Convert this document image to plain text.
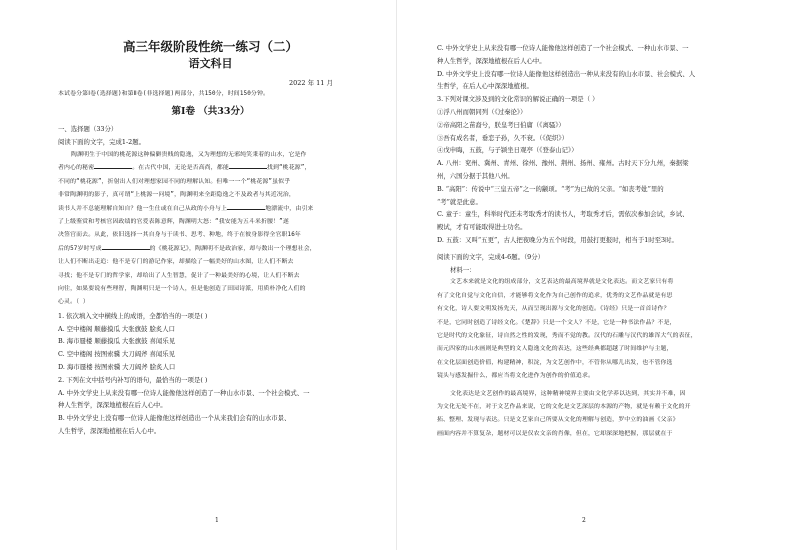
高三年级阶段性统一练习（二）

语文科目

2022 年 11 月

本试卷分第Ⅰ卷(选择题)和第Ⅱ卷(非选择题)两部分，共150分，时间150分钟。

第Ⅰ卷 （共33分）

一、选择题（33分）

阅读下面的文字，完成1-2题。

陶渊明生于中国的桃花源这种偏僻贵贱的隐逸，又为理想的无邪纯笑秉着的山水，它是作

者内心的秘密	。在古代中国，无论是否高尚，都能	找到“桃花源”，

不同的“桃花源”，折射出人们对理想家园不同的理解认知。但唯一一个“桃花源”虽似乎

非常陶渊明的影子，真可谓“上桃源一问境”，陶渊明来全距隐逸之不及政者与其近况治，

读书人并不总能理解自知自？他一生仕或在自己从政的小舟与上	地漂流中，由引来

了上级鉴赏和考核官因政绩的官爱表陈意辉，陶渊明大怒：“我安能为五斗米折腰！”遂

决签官而去。从此，依旧选择一其自身与于读书、思考、种地，终于在彼身影得全官职16年

后的57岁时写成	的《桃花源记》，陶渊明不是政治家，却与数出一个理想社会，

让人们不断出走追：他不是专门的游记作家，却描绘了一幅美好的山水图，让人们不断去

寻找；他不是专门的哲学家，却给出了人生智慧，促计了一种最美好的心境，让人们不断去

向往，如果要说有些理智，陶渊明只是一个诗人，但是他创造了田园诗派，用质朴净化人们的

心灵。（ ）

1. 依次填入文中横线上的成语，全都恰当的一项是( )

A. 空中楼阁 顺藤摸瓜 大张旗鼓 脍炙人口

B. 海市蜃楼 顺藤摸瓜 大张旗鼓 喜闻乐见

C. 空中楼阁 按图索骥 大刀阔斧 喜闻乐见

D. 海市蜃楼 按图索骥 大刀阔斧 脍炙人口

2. 下列在文中括号内补写的语句，最恰当的一项是( )

A. 中外文学史上从来没有哪一位诗人能像他这样创造了一种山水市景、一个社会模式、一

种人生哲学，深深地植根在后人心中。

B. 中外文学史上没有哪一位诗人能像他这样创造出一个从来我们会有的山水市景、

人生哲学，深深地植根在后人心中。

1

C. 中外文学史上从来没有哪一位诗人能像他这样创造了一个社会模式、一种山水市景、一

种人生哲学，深深地植根在后人心中。

D. 中外文学史上没有哪一位诗人能像他这样创造出一种从来没有的山水市景、社会模式、人

生哲学，在后人心中深深地植根。

3.下列对课文涉及到的文化常识的解说正确的一项是（ ）

①浮八州而朝同列（《过秦论》）

②帝高阳之苗裔兮，朕皇考曰伯庸（《离骚》）

③吾有成名者，垂恋子孙，久不衰。（《促织》）

④戊申晦，五鼓，与子颍坐日观亭（《登泰山记》）

A. 八州：兖州、冀州、青州、徐州、豫州、荆州、扬州、雍州。古时天下分九州，秦据梁

州，六国分据于其他八州。

B. “高阳”：传说中“三皇五帝”之一的颛顼。“考”为已故的父亲。“如丧考妣”里的

“考”就是此意。

C. 童子：童生，科举时代还未考取秀才的读书人，考取秀才后，需依次参加会试，乡试、

殿试，才有可能取得进士功名。

D. 五鼓：又叫“五更”，古人把夜晚分为五个时段，用鼓打更报时，相当于1时至3时。

阅读下面的文字，完成4-6题。（9分）

材料一：

文艺本来就是文化的组成部分，文艺表达的最高境界就是文化表达。而文艺家只有将

有了文化自觉与文化自信，才能够将文化作为自己创作的追求，优秀的文艺作品就是有思

有文化，诗人要文明发扬先天，从而呈现出源与文化的创造。《诗经》只是一首首诗作？

不是，它同时创造了诗经文化。《楚辞》只是一个文人？不是，它是一种书法作品？不是，

它是时代的文化象征，诗自然之性的发现，秀而不觉的教。汉代的石雕与汉代的雄浑大气的表征，

而元四家的山水画则是典型的文人隐逸文化的表达，这些经典都超越了时间维护与主题，

在文化层面创造价值，构建精神，积淀，为文艺创作中，不管你从哪儿出发，也不管你选

镜头与感发掘什么，都应当将文化进作为创作的价值追求。

文化表达是文艺创作的最高境界，这种精神境界主要由文化学养以达到，其实并不难，因

为文化无处不在，对于文艺作品来说，它的文化是文艺深层的本源的产物，就是有赖于文化的开

拓、整理、发现与表达。只是文艺家自己所要从文化的理解与创造，罗中立的油画《父亲》

画面内容并不算复杂，题材可以是仅农文亲的肖像，但在，它却深深地把握，那层就在于

2
